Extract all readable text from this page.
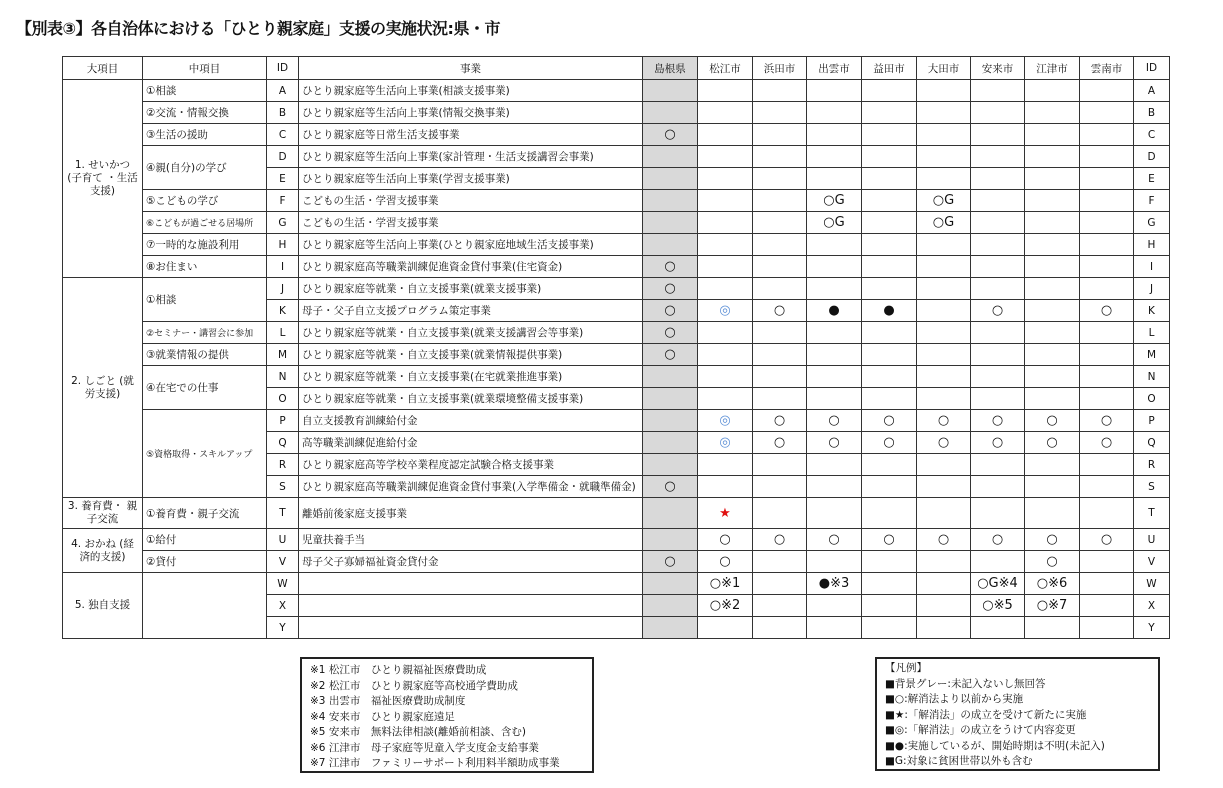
【別表③】各自治体における「ひとり親家庭」支援の実施状況:県・市
大項目	中項目	ID	事業	島根県	松江市	浜田市	出雲市	益田市	大田市	安来市	江津市	雲南市	ID
1. せいかつ (子育て ・生活支援)	①相談	A	ひとり親家庭等生活向上事業(相談支援事業)										A
	②交流・情報交換	B	ひとり親家庭等生活向上事業(情報交換事業)										B
	③生活の援助	C	ひとり親家庭等日常生活支援事業	○									C
	④親(自分)の学び	D	ひとり親家庭等生活向上事業(家計管理・生活支援講習会事業)										D
		E	ひとり親家庭等生活向上事業(学習支援事業)										E
	⑤こどもの学び	F	こどもの生活・学習支援事業				○G		○G				F
	⑥こどもが過ごせる居場所	G	こどもの生活・学習支援事業				○G		○G				G
	⑦一時的な施設利用	H	ひとり親家庭等生活向上事業(ひとり親家庭地域生活支援事業)										H
	⑧お住まい	I	ひとり親家庭高等職業訓練促進資金貸付事業(住宅資金)	○									I
2. しごと (就労支援)	①相談	J	ひとり親家庭等就業・自立支援事業(就業支援事業)	○									J
		K	母子・父子自立支援プログラム策定事業	○	◎	○	●	●		○		○	K
	②セミナー・講習会に参加	L	ひとり親家庭等就業・自立支援事業(就業支援講習会等事業)	○									L
	③就業情報の提供	M	ひとり親家庭等就業・自立支援事業(就業情報提供事業)	○									M
	④在宅での仕事	N	ひとり親家庭等就業・自立支援事業(在宅就業推進事業)										N
		O	ひとり親家庭等就業・自立支援事業(就業環境整備支援事業)										O
	⑤資格取得・スキルアップ	P	自立支援教育訓練給付金		◎	○	○	○	○	○	○	○	P
		Q	高等職業訓練促進給付金		◎	○	○	○	○	○	○	○	Q
		R	ひとり親家庭高等学校卒業程度認定試験合格支援事業										R
		S	ひとり親家庭高等職業訓練促進資金貸付事業(入学準備金・就職準備金)	○									S
3. 養育費・ 親子交流	①養育費・親子交流	T	離婚前後家庭支援事業		★								T
4. おかね (経済的支援)	①給付	U	児童扶養手当		○	○	○	○	○	○	○	○	U
	②貸付	V	母子父子寡婦福祉資金貸付金	○	○						○		V
5. 独自支援		W			○※1		●※3			○G※4	○※6		W
		X			○※2					○※5	○※7		X
		Y											Y
※1 松江市　ひとり親福祉医療費助成
※2 松江市　ひとり親家庭等高校通学費助成
※3 出雲市　福祉医療費助成制度
※4 安来市　ひとり親家庭遠足
※5 安来市　無料法律相談(離婚前相談、含む)
※6 江津市　母子家庭等児童入学支度金支給事業
※7 江津市　ファミリーサポート利用料半額助成事業
【凡例】
■背景グレー:未記入ないし無回答
■○:解消法より以前から実施
■★:「解消法」の成立を受けて新たに実施
■◎:「解消法」の成立をうけて内容変更
■●:実施しているが、開始時期は不明(未記入)
■G:対象に貧困世帯以外も含む
